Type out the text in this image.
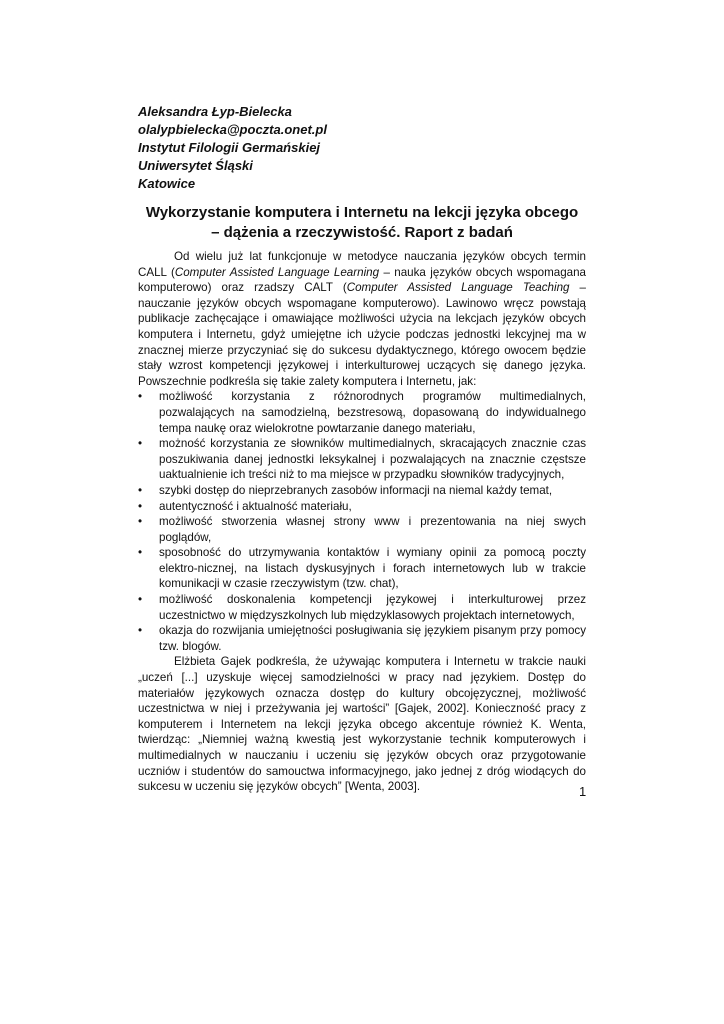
Aleksandra Łyp-Bielecka
olalypbielecka@poczta.onet.pl
Instytut Filologii Germańskiej
Uniwersytet Śląski
Katowice
Wykorzystanie komputera i Internetu na lekcji języka obcego
– dążenia a rzeczywistość. Raport z badań

Od wielu już lat funkcjonuje w metodyce nauczania języków obcych termin CALL (Computer Assisted Language Learning – nauka języków obcych wspomagana komputerowo) oraz rzadszy CALT (Computer Assisted Language Teaching – nauczanie języków obcych wspomagane komputerowo). Lawinowo wręcz powstają publikacje zachęcające i omawiające możliwości użycia na lekcjach języków obcych komputera i Internetu, gdyż umiejętne ich użycie podczas jednostki lekcyjnej ma w znacznej mierze przyczyniać się do sukcesu dydaktycznego, którego owocem będzie stały wzrost kompetencji językowej i interkulturowej uczących się danego języka. Powszechnie podkreśla się takie zalety komputera i Internetu, jak:

• możliwość korzystania z różnorodnych programów multimedialnych, pozwalających na samodzielną, bezstresową, dopasowaną do indywidualnego tempa naukę oraz wielokrotne powtarzanie danego materiału,
• możność korzystania ze słowników multimedialnych, skracających znacznie czas poszukiwania danej jednostki leksykalnej i pozwalających na znacznie częstsze uaktualnienie ich treści niż to ma miejsce w przypadku słowników tradycyjnych,
• szybki dostęp do nieprzebranych zasobów informacji na niemal każdy temat,
• autentyczność i aktualność materiału,
• możliwość stworzenia własnej strony www i prezentowania na niej swych poglądów,
• sposobność do utrzymywania kontaktów i wymiany opinii za pomocą poczty elektro-nicznej, na listach dyskusyjnych i forach internetowych lub w trakcie komunikacji w czasie rzeczywistym (tzw. chat),
• możliwość doskonalenia kompetencji językowej i interkulturowej przez uczestnictwo w międzyszkolnych lub międzyklasowych projektach internetowych,
• okazja do rozwijania umiejętności posługiwania się językiem pisanym przy pomocy tzw. blogów.

Elżbieta Gajek podkreśla, że używając komputera i Internetu w trakcie nauki „uczeń [...] uzyskuje więcej samodzielności w pracy nad językiem. Dostęp do materiałów językowych oznacza dostęp do kultury obcojęzycznej, możliwość uczestnictwa w niej i przeżywania jej wartości” [Gajek, 2002]. Konieczność pracy z komputerem i Internetem na lekcji języka obcego akcentuje również K. Wenta, twierdząc: „Niemniej ważną kwestią jest wykorzystanie technik komputerowych i multimedialnych w nauczaniu i uczeniu się języków obcych oraz przygotowanie uczniów i studentów do samouctwa informacyjnego, jako jednej z dróg wiodących do sukcesu w uczeniu się języków obcych” [Wenta, 2003].	1
